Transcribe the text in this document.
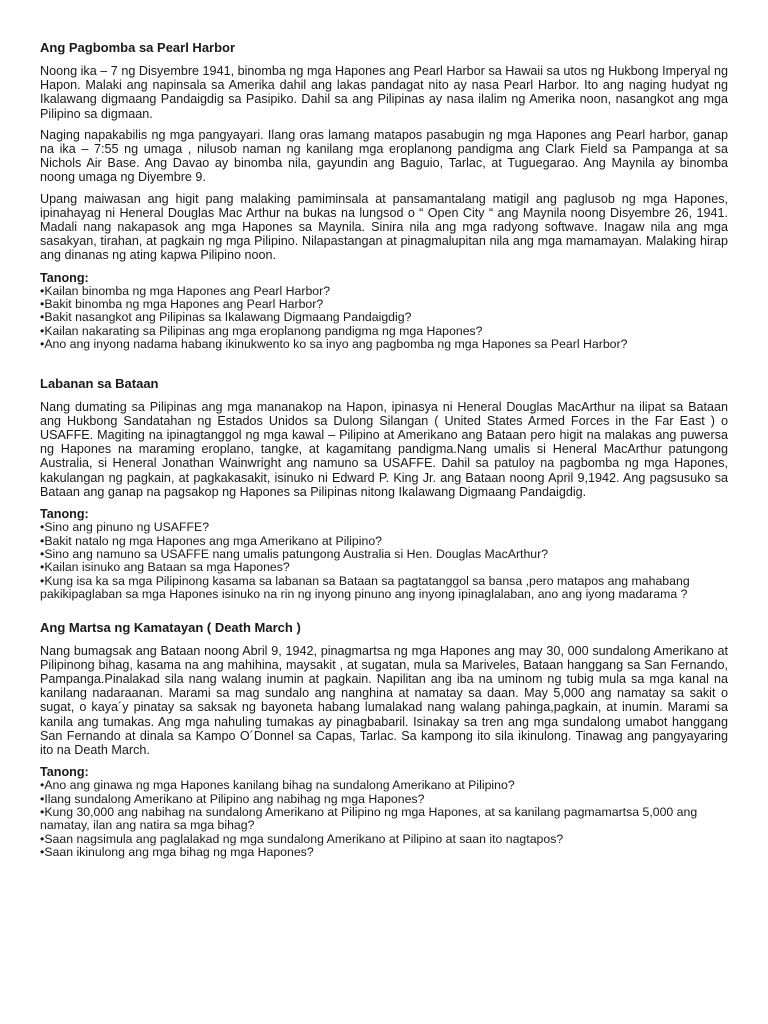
Ang Pagbomba sa Pearl Harbor

Noong ika – 7 ng Disyembre 1941, binomba ng mga Hapones ang Pearl Harbor sa Hawaii sa utos ng Hukbong Imperyal ng Hapon. Malaki ang napinsala sa Amerika dahil ang lakas pandagat nito ay nasa Pearl Harbor. Ito ang naging hudyat ng Ikalawang digmaang Pandaigdig sa Pasipiko. Dahil sa ang Pilipinas ay nasa ilalim ng Amerika noon, nasangkot ang mga Pilipino sa digmaan.

Naging napakabilis ng mga pangyayari. Ilang oras lamang matapos pasabugin ng mga Hapones ang Pearl harbor, ganap na ika – 7:55 ng umaga , nilusob naman ng kanilang mga eroplanong pandigma ang Clark Field sa Pampanga at sa Nichols Air Base. Ang Davao ay binomba nila, gayundin ang Baguio, Tarlac, at Tuguegarao. Ang Maynila ay binomba noong umaga ng Diyembre 9.

Upang maiwasan ang higit pang malaking pamiminsala at pansamantalang matigil ang paglusob ng mga Hapones, ipinahayag ni Heneral Douglas Mac Arthur na bukas na lungsod o “ Open City “ ang Maynila noong Disyembre 26, 1941. Madali nang nakapasok ang mga Hapones sa Maynila. Sinira nila ang mga radyong softwave. Inagaw nila ang mga sasakyan, tirahan, at pagkain ng mga Pilipino. Nilapastangan at pinagmalupitan nila ang mga mamamayan. Malaking hirap ang dinanas ng ating kapwa Pilipino noon.

Tanong:
• Kailan binomba ng mga Hapones ang Pearl Harbor?
• Bakit binomba ng mga Hapones ang Pearl Harbor?
• Bakit nasangkot ang Pilipinas sa Ikalawang Digmaang Pandaigdig?
• Kailan nakarating sa Pilipinas ang mga eroplanong pandigma ng mga Hapones?
• Ano ang inyong nadama habang ikinukwento ko sa inyo ang pagbomba ng mga Hapones sa Pearl Harbor?
Labanan sa Bataan

Nang dumating sa Pilipinas ang mga mananakop na Hapon, ipinasya ni Heneral Douglas MacArthur na ilipat sa Bataan ang Hukbong Sandatahan ng Estados Unidos sa Dulong Silangan ( United States Armed Forces in the Far East ) o USAFFE. Magiting na ipinagtanggol ng mga kawal – Pilipino at Amerikano ang Bataan pero higit na malakas ang puwersa ng Hapones na maraming eroplano, tangke, at kagamitang pandigma.Nang umalis si Heneral MacArthur patungong Australia, si Heneral Jonathan Wainwright ang namuno sa USAFFE. Dahil sa patuloy na pagbomba ng mga Hapones, kakulangan ng pagkain, at pagkakasakit, isinuko ni Edward P. King Jr. ang Bataan noong April 9,1942. Ang pagsusuko sa Bataan ang ganap na pagsakop ng Hapones sa Pilipinas nitong Ikalawang Digmaang Pandaigdig.

Tanong:
• Sino ang pinuno ng USAFFE?
• Bakit natalo ng mga Hapones ang mga Amerikano at Pilipino?
• Sino ang namuno sa USAFFE nang umalis patungong Australia si Hen. Douglas MacArthur?
• Kailan isinuko ang Bataan sa mga Hapones?
• Kung isa ka sa mga Pilipinong kasama sa labanan sa Bataan sa pagtatanggol sa bansa ,pero matapos ang mahabang pakikipaglaban sa mga Hapones isinuko na rin ng inyong pinuno ang inyong ipinaglalaban, ano ang iyong madarama ?
Ang Martsa ng Kamatayan ( Death March )

Nang bumagsak ang Bataan noong Abril 9, 1942, pinagmartsa ng mga Hapones ang may 30, 000 sundalong Amerikano at Pilipinong bihag, kasama na ang mahihina, maysakit , at sugatan, mula sa Mariveles, Bataan hanggang sa San Fernando, Pampanga.Pinalakad sila nang walang inumin at pagkain. Napilitan ang iba na uminom ng tubig mula sa mga kanal na kanilang nadaraanan. Marami sa mag sundalo ang nanghina at namatay sa daan. May 5,000 ang namatay sa sakit o sugat, o kaya´y pinatay sa saksak ng bayoneta habang lumalakad nang walang pahinga,pagkain, at inumin. Marami sa kanila ang tumakas. Ang mga nahuling tumakas ay pinagbabaril. Isinakay sa tren ang mga sundalong umabot hanggang San Fernando at dinala sa Kampo O´Donnel sa Capas, Tarlac. Sa kampong ito sila ikinulong. Tinawag ang pangyayaring ito na Death March.

Tanong:
• Ano ang ginawa ng mga Hapones kanilang bihag na sundalong Amerikano at Pilipino?
• Ilang sundalong Amerikano at Pilipino ang nabihag ng mga Hapones?
• Kung 30,000 ang nabihag na sundalong Amerikano at Pilipino ng mga Hapones, at sa kanilang pagmamartsa 5,000 ang namatay, ilan ang natira sa mga bihag?
• Saan nagsimula ang paglalakad ng mga sundalong Amerikano at Pilipino at saan ito nagtapos?
• Saan ikinulong ang mga bihag ng mga Hapones?
